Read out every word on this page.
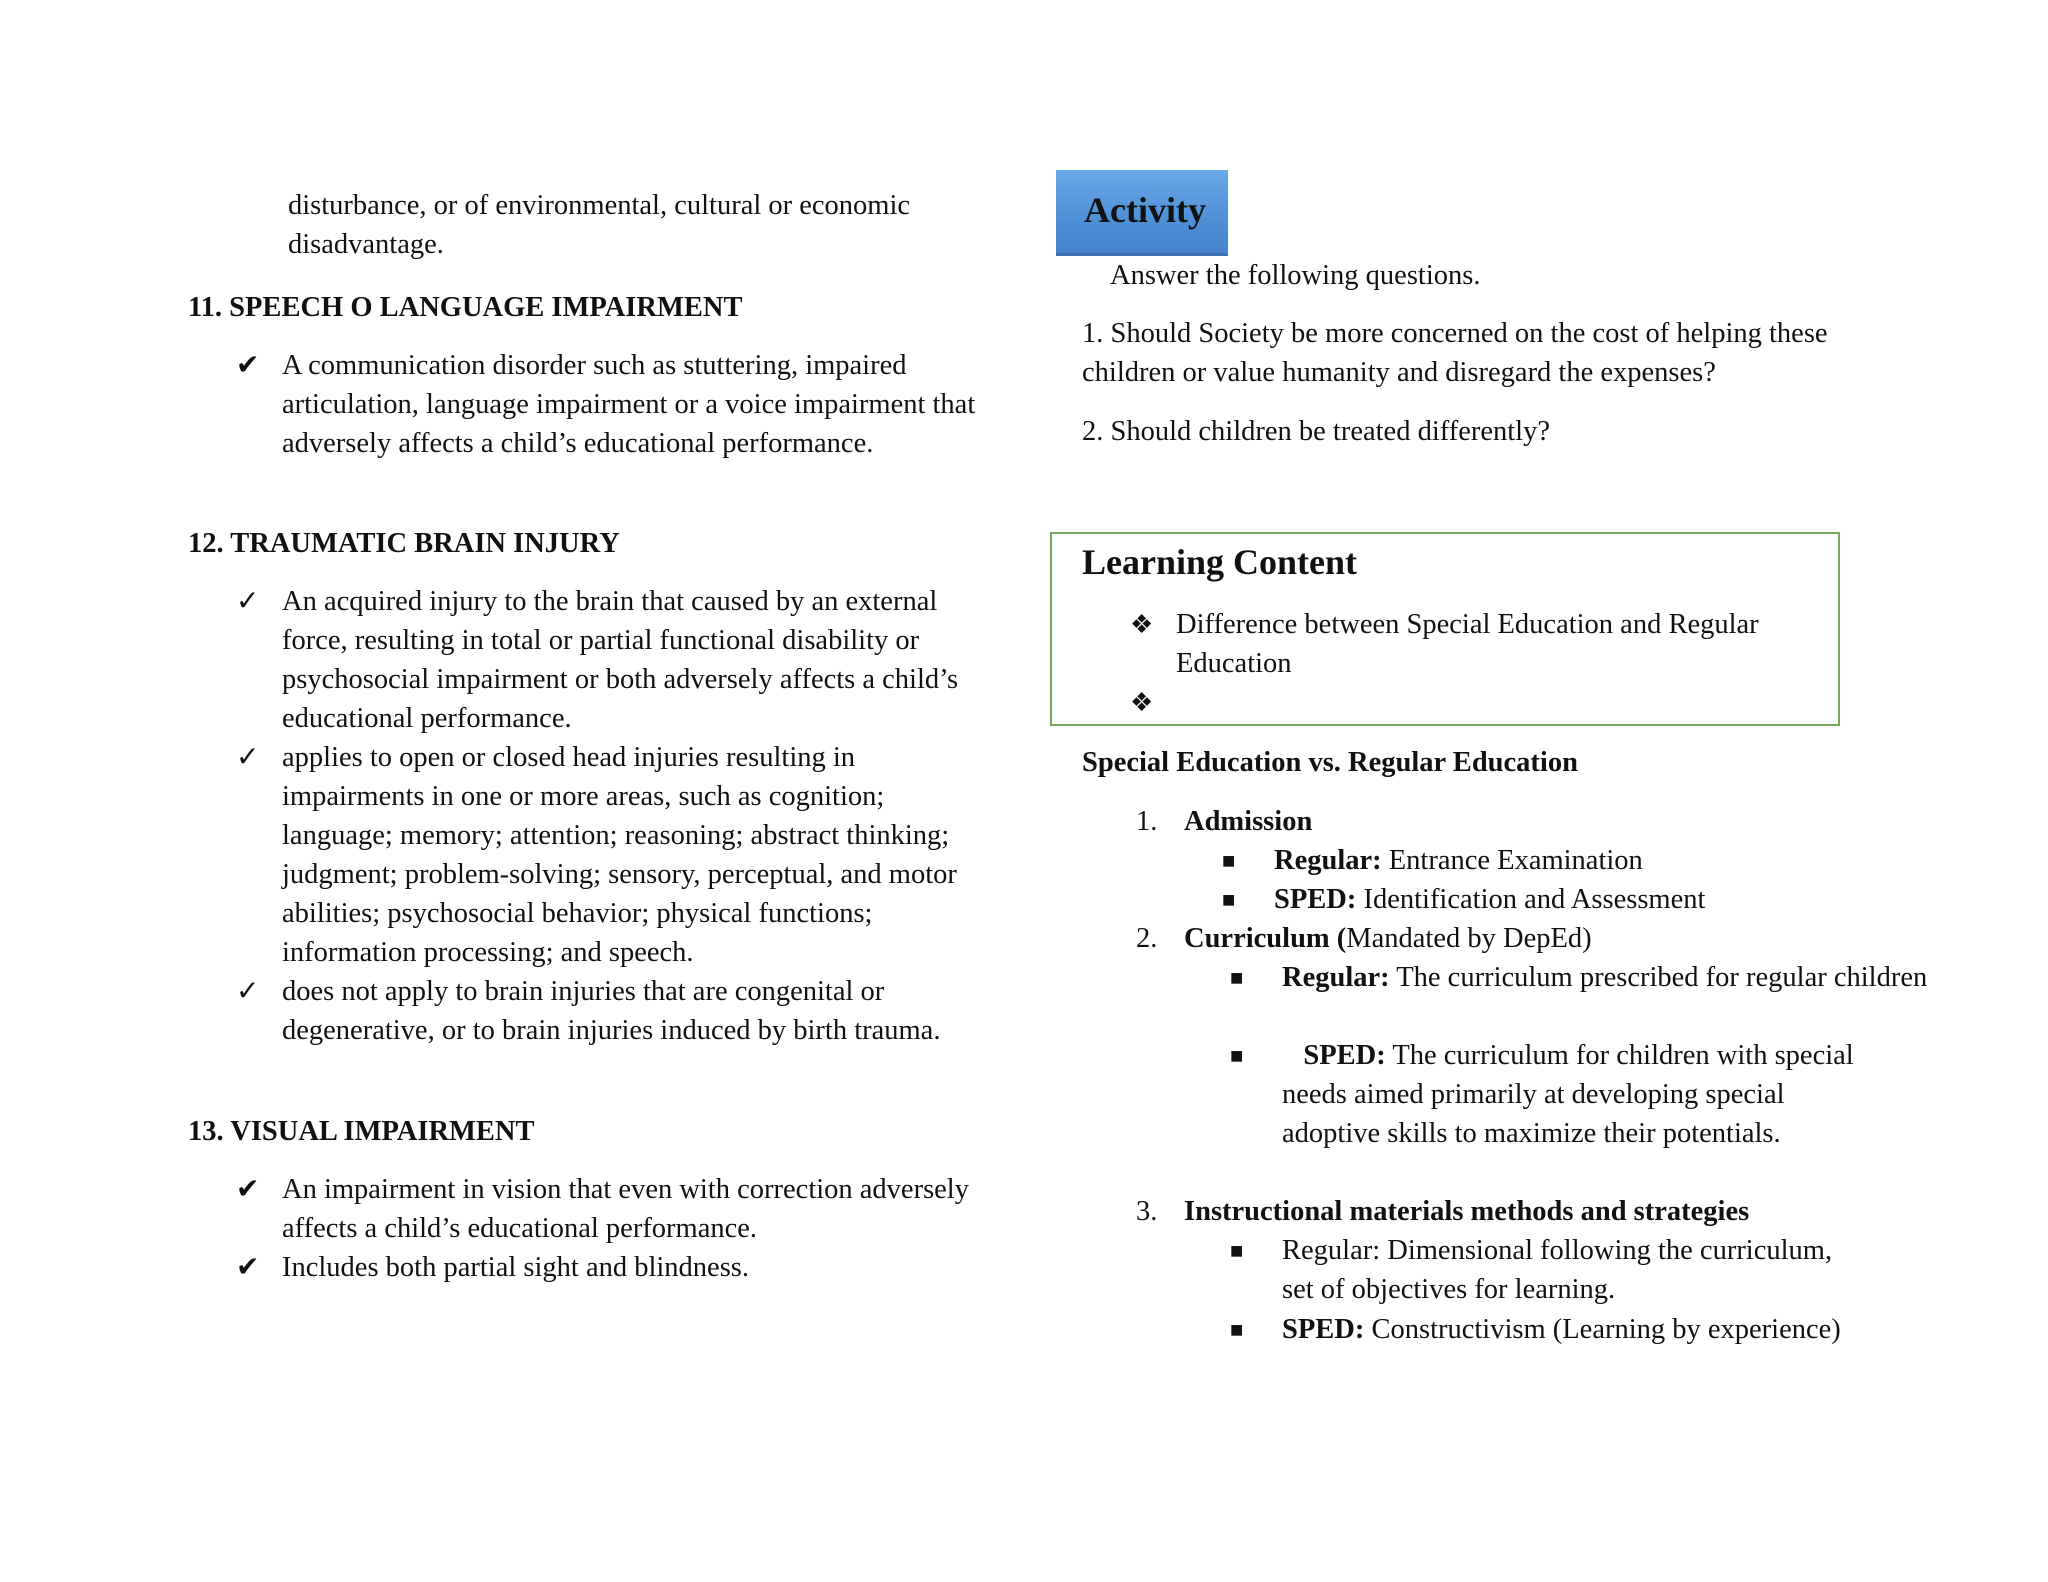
disturbance, or of environmental, cultural or economic disadvantage.
11. SPEECH O LANGUAGE IMPAIRMENT
✔ A communication disorder such as stuttering, impaired articulation, language impairment or a voice impairment that adversely affects a child’s educational performance.
12. TRAUMATIC BRAIN INJURY
✓ An acquired injury to the brain that caused by an external force, resulting in total or partial functional disability or psychosocial impairment or both adversely affects a child’s educational performance.
✓ applies to open or closed head injuries resulting in impairments in one or more areas, such as cognition; language; memory; attention; reasoning; abstract thinking; judgment; problem-solving; sensory, perceptual, and motor abilities; psychosocial behavior; physical functions; information processing; and speech.
✓ does not apply to brain injuries that are congenital or degenerative, or to brain injuries induced by birth trauma.
13. VISUAL IMPAIRMENT
✔ An impairment in vision that even with correction adversely affects a child’s educational performance.
✔ Includes both partial sight and blindness.
Activity
Answer the following questions.
1. Should Society be more concerned on the cost of helping these children or value humanity and disregard the expenses?
2. Should children be treated differently?
Learning Content
❖ Difference between Special Education and Regular Education
❖
Special Education vs. Regular Education
1. Admission
■	Regular: Entrance Examination
■	SPED: Identification and Assessment
2. Curriculum (Mandated by DepEd)
■	Regular: The curriculum prescribed for regular children
■	SPED: The curriculum for children with special needs aimed primarily at developing special adoptive skills to maximize their potentials.
3. Instructional materials methods and strategies
■	Regular: Dimensional following the curriculum, set of objectives for learning.
■	SPED: Constructivism (Learning by experience)
